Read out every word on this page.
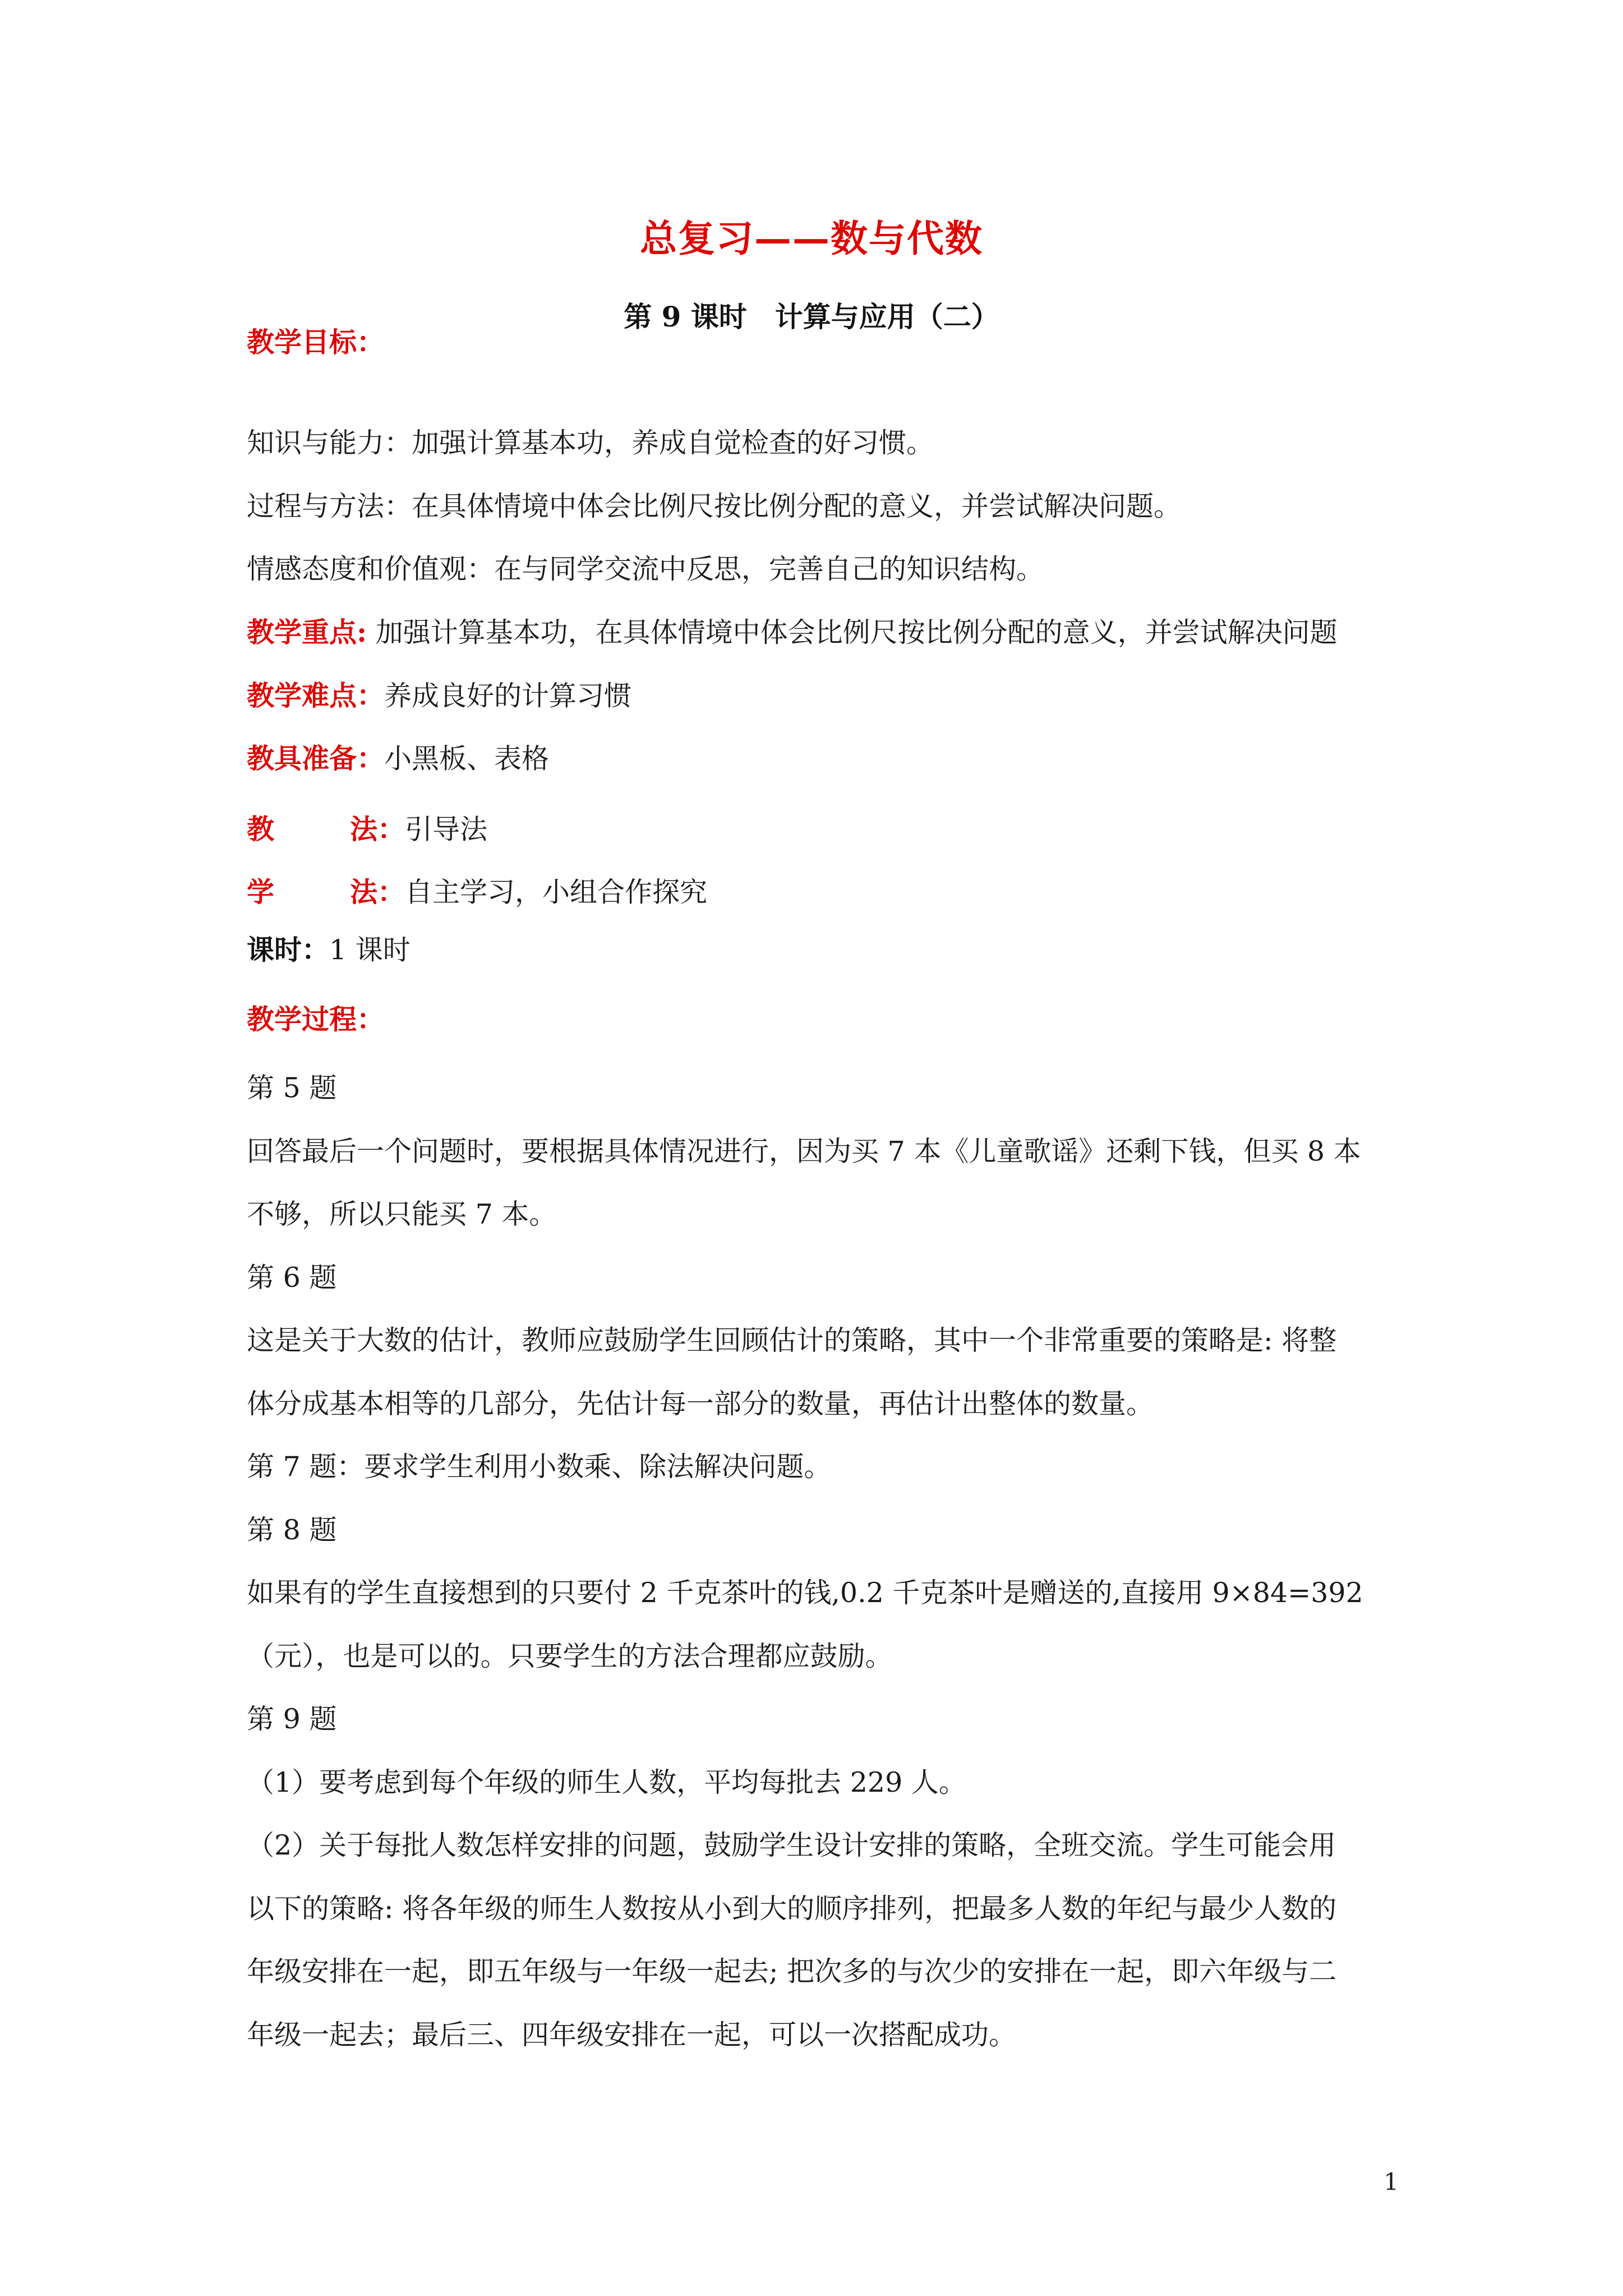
总复习——数与代数
第 9 课时　计算与应用（二）
教学目标：
知识与能力：加强计算基本功，养成自觉检查的好习惯。
过程与方法：在具体情境中体会比例尺按比例分配的意义，并尝试解决问题。
情感态度和价值观：在与同学交流中反思，完善自己的知识结构。
教学重点: 加强计算基本功，在具体情境中体会比例尺按比例分配的意义，并尝试解决问题
教学难点：养成良好的计算习惯
教具准备：小黑板、表格
教	法：引导法
学	法：自主学习，小组合作探究
课时：1 课时
教学过程：
第 5 题
回答最后一个问题时，要根据具体情况进行，因为买 7 本《儿童歌谣》还剩下钱，但买 8 本
不够，所以只能买 7 本。
第 6 题
这是关于大数的估计，教师应鼓励学生回顾估计的策略，其中一个非常重要的策略是: 将整
体分成基本相等的几部分，先估计每一部分的数量，再估计出整体的数量。
第 7 题：要求学生利用小数乘、除法解决问题。
第 8 题
如果有的学生直接想到的只要付 2 千克茶叶的钱,0.2 千克茶叶是赠送的,直接用 9×84=392
（元），也是可以的。只要学生的方法合理都应鼓励。
第 9 题
（1）要考虑到每个年级的师生人数，平均每批去 229 人。
（2）关于每批人数怎样安排的问题，鼓励学生设计安排的策略，全班交流。学生可能会用
以下的策略: 将各年级的师生人数按从小到大的顺序排列，把最多人数的年纪与最少人数的
年级安排在一起，即五年级与一年级一起去; 把次多的与次少的安排在一起，即六年级与二
年级一起去；最后三、四年级安排在一起，可以一次搭配成功。
1
